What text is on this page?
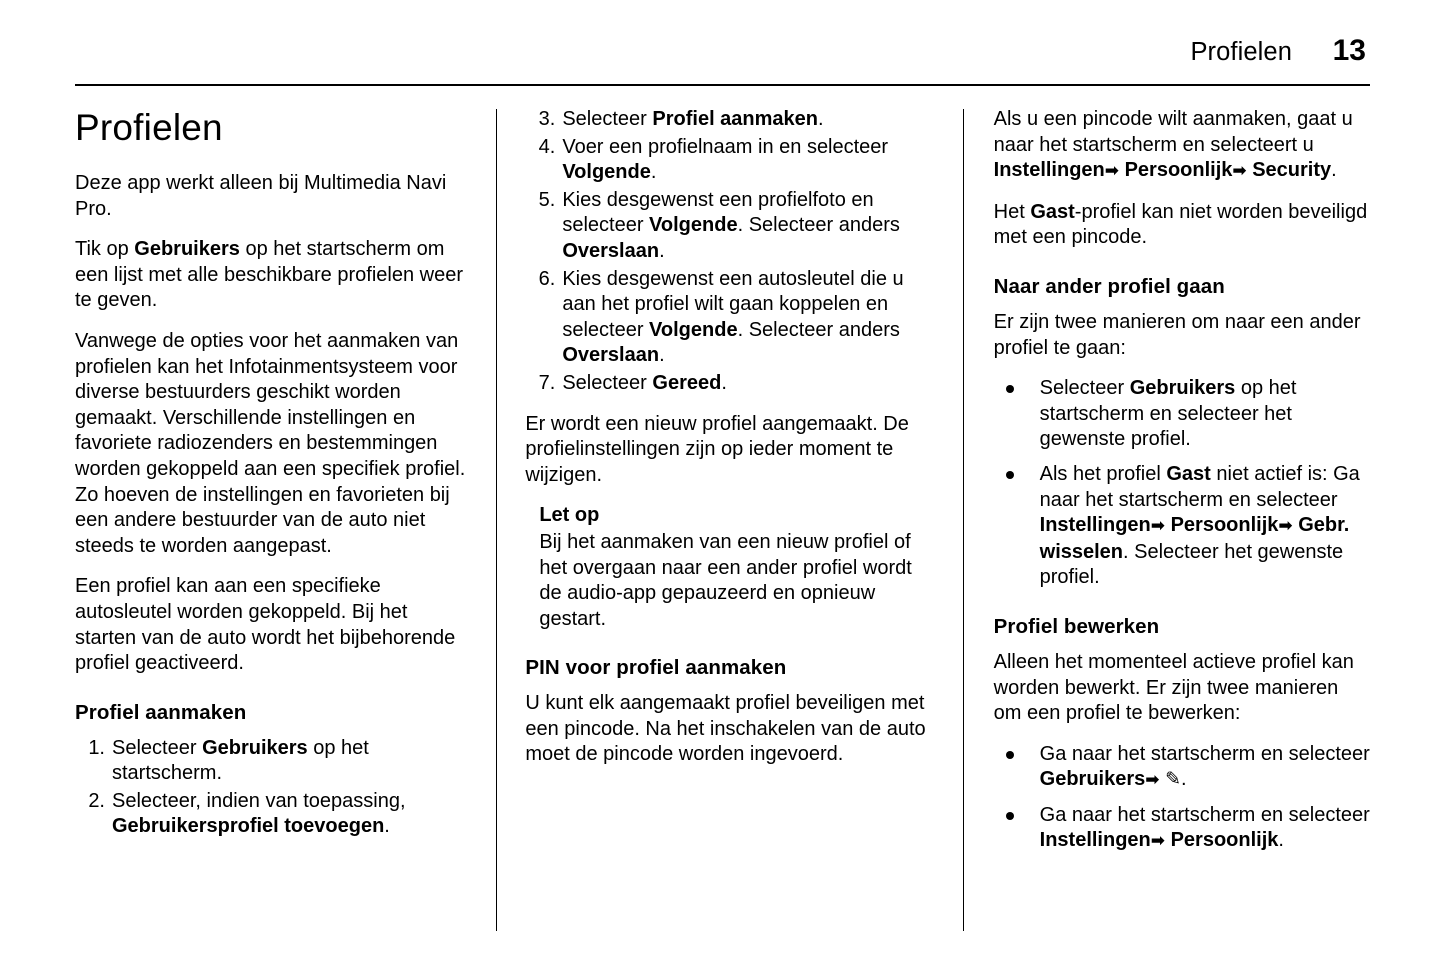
Profielen 13
Profielen

Deze app werkt alleen bij Multimedia Navi Pro.

Tik op Gebruikers op het startscherm om een lijst met alle beschikbare profielen weer te geven.

Vanwege de opties voor het aanmaken van profielen kan het Infotainmentsysteem voor diverse bestuurders geschikt worden gemaakt. Verschillende instellingen en favoriete radiozenders en bestemmingen worden gekoppeld aan een specifiek profiel. Zo hoeven de instellingen en favorieten bij een andere bestuurder van de auto niet steeds te worden aangepast.

Een profiel kan aan een specifieke autosleutel worden gekoppeld. Bij het starten van de auto wordt het bijbehorende profiel geactiveerd.

Profiel aanmaken
1. Selecteer Gebruikers op het startscherm.
2. Selecteer, indien van toepassing, Gebruikersprofiel toevoegen.
3. Selecteer Profiel aanmaken.
4. Voer een profielnaam in en selecteer Volgende.
5. Kies desgewenst een profielfoto en selecteer Volgende. Selecteer anders Overslaan.
6. Kies desgewenst een autosleutel die u aan het profiel wilt gaan koppelen en selecteer Volgende. Selecteer anders Overslaan.
7. Selecteer Gereed.

Er wordt een nieuw profiel aangemaakt. De profielinstellingen zijn op ieder moment te wijzigen.

Let op
Bij het aanmaken van een nieuw profiel of het overgaan naar een ander profiel wordt de audio-app gepauzeerd en opnieuw gestart.
PIN voor profiel aanmaken

U kunt elk aangemaakt profiel beveiligen met een pincode. Na het inschakelen van de auto moet de pincode worden ingevoerd.

Als u een pincode wilt aanmaken, gaat u naar het startscherm en selecteert u Instellingen➡ Persoonlijk➡ Security.

Het Gast-profiel kan niet worden beveiligd met een pincode.

Naar ander profiel gaan

Er zijn twee manieren om naar een ander profiel te gaan:

Selecteer Gebruikers op het startscherm en selecteer het gewenste profiel.
Als het profiel Gast niet actief is: Ga naar het startscherm en selecteer Instellingen➡ Persoonlijk➡ Gebr. wisselen. Selecteer het gewenste profiel.
Profiel bewerken

Alleen het momenteel actieve profiel kan worden bewerkt. Er zijn twee manieren om een profiel te bewerken:

Ga naar het startscherm en selecteer Gebruikers➡ ✎.
Ga naar het startscherm en selecteer Instellingen➡ Persoonlijk.
